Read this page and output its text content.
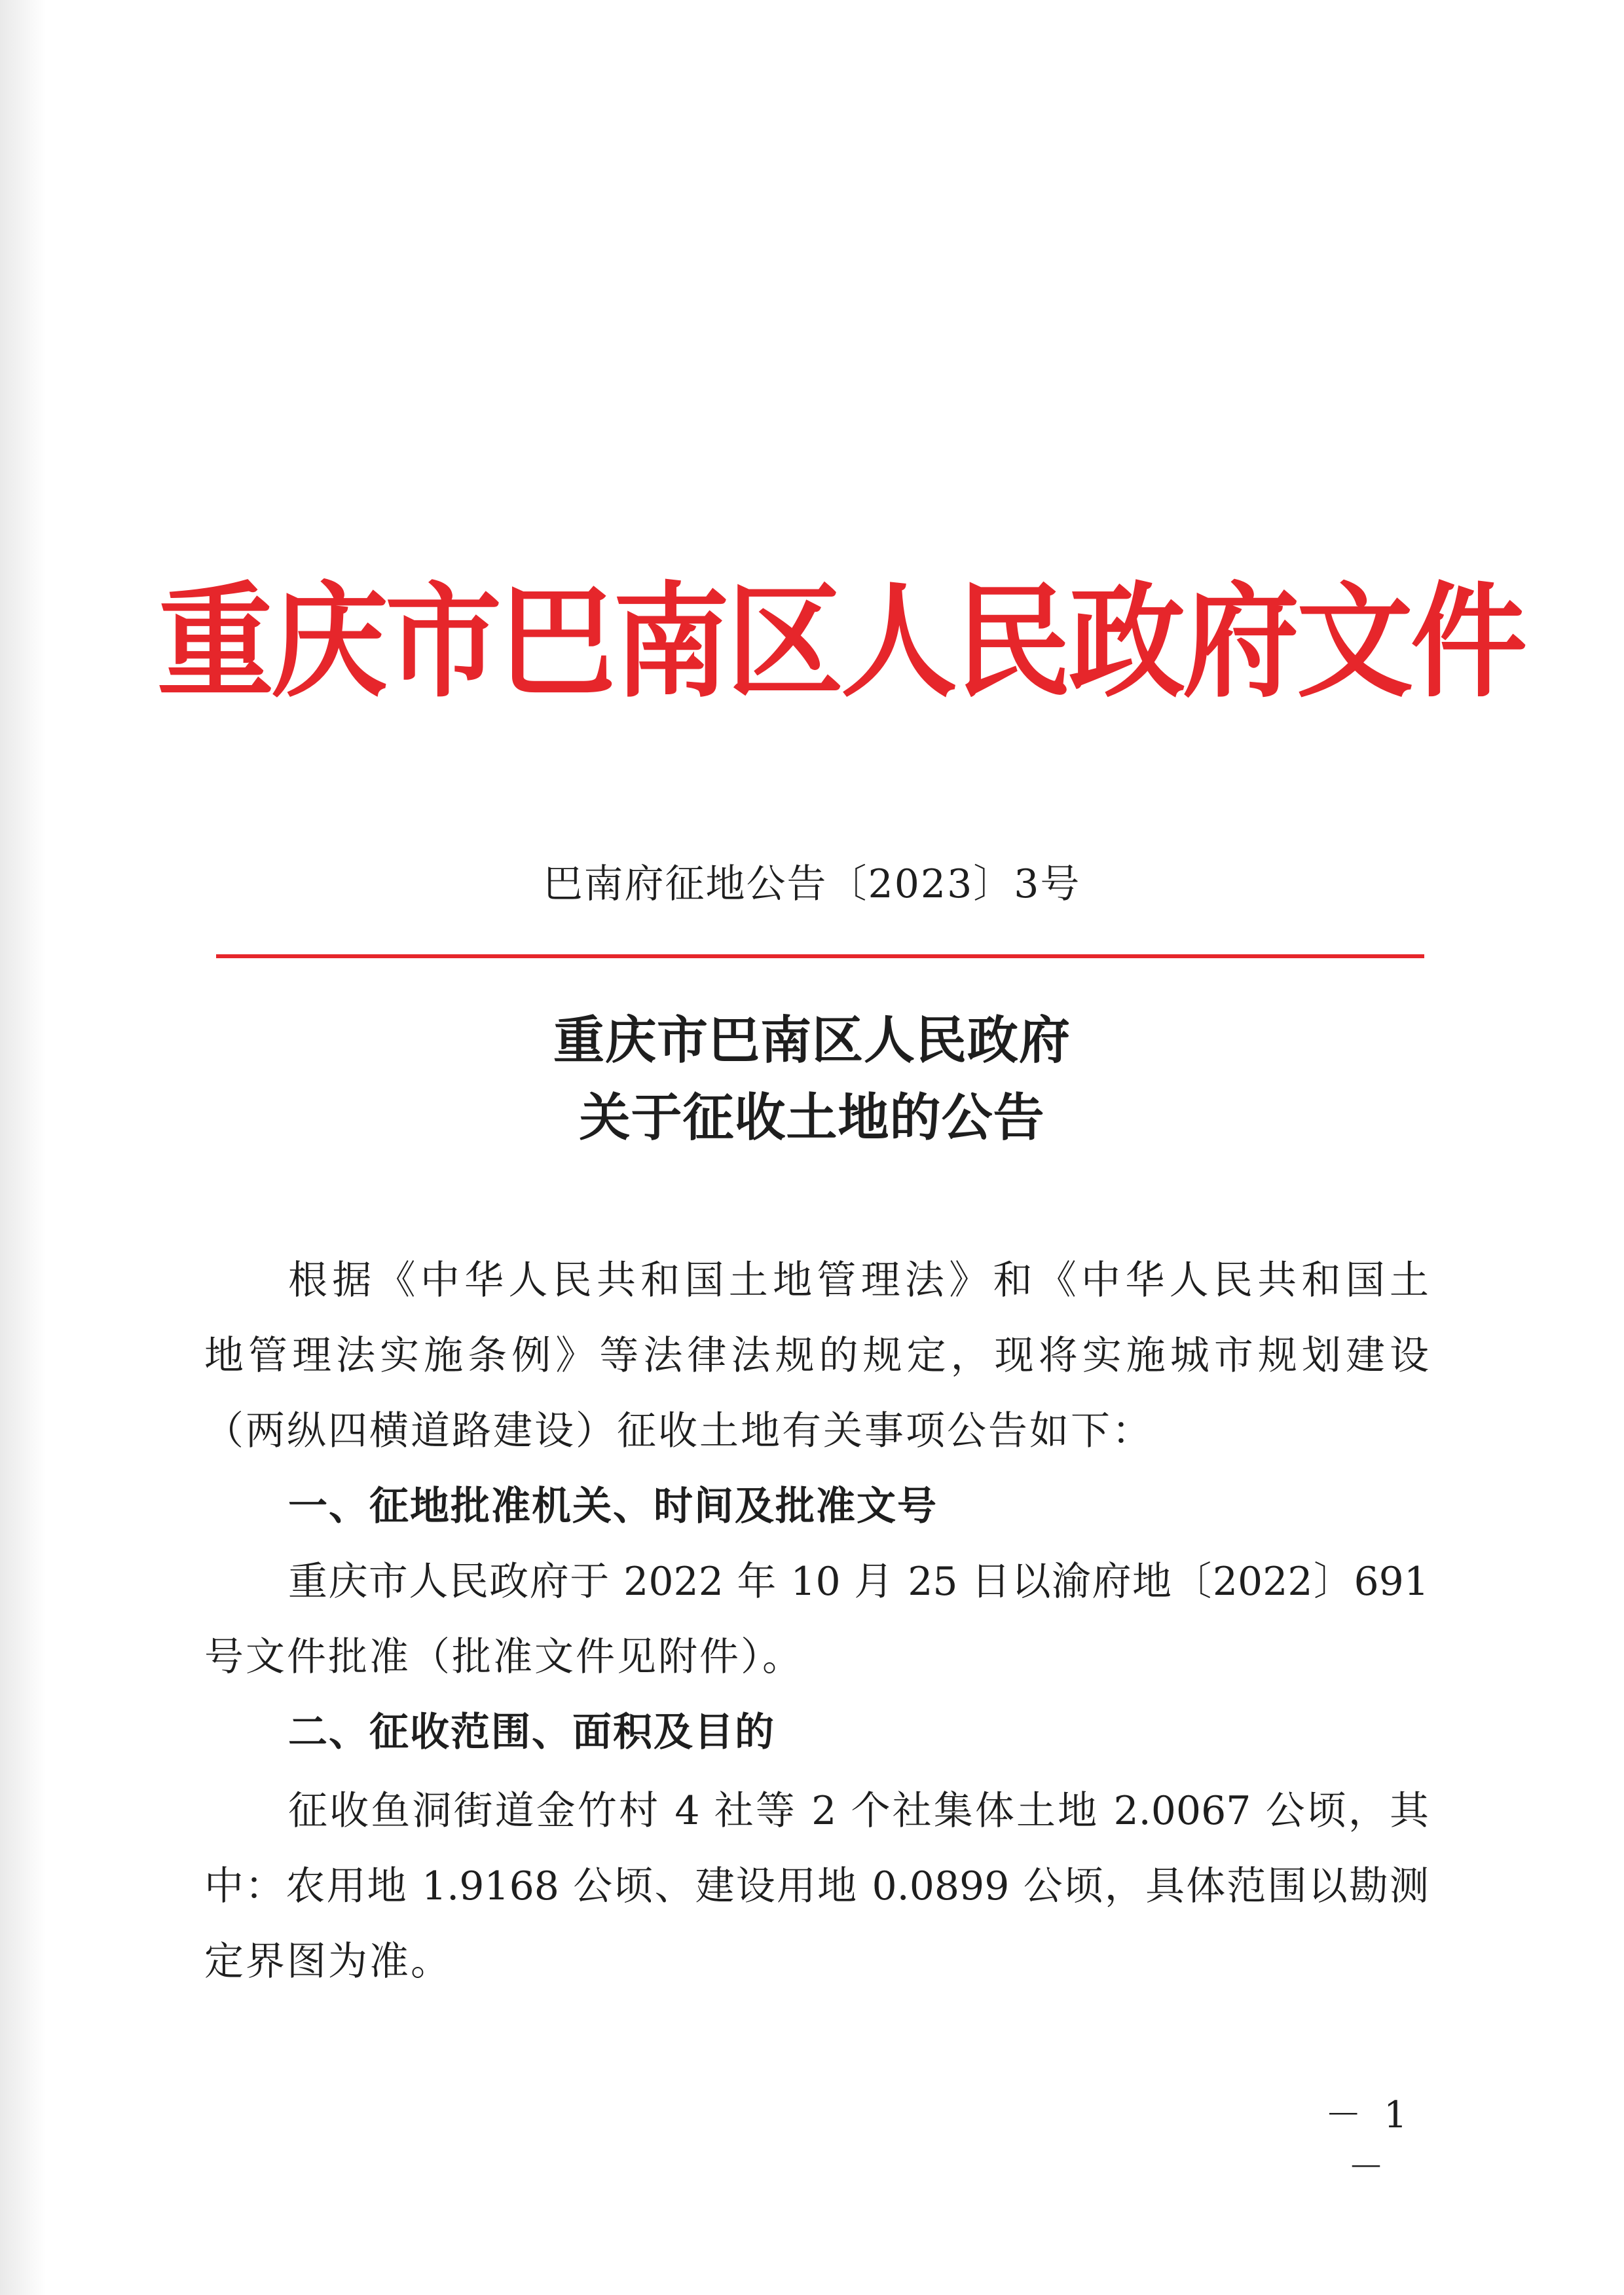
重庆市巴南区人民政府文件
巴南府征地公告〔2023〕3号
重庆市巴南区人民政府
关于征收土地的公告
根据《中华人民共和国土地管理法》和《中华人民共和国土
地管理法实施条例》等法律法规的规定，现将实施城市规划建设
（两纵四横道路建设）征收土地有关事项公告如下：
一、征地批准机关、时间及批准文号
重庆市人民政府于 2022 年 10 月 25 日以渝府地〔2022〕691
号文件批准（批准文件见附件）。
二、征收范围、面积及目的
征收鱼洞街道金竹村 4 社等 2 个社集体土地 2.0067 公顷，其
中：农用地 1.9168 公顷、建设用地 0.0899 公顷，具体范围以勘测
定界图为准。
－ 1 －
